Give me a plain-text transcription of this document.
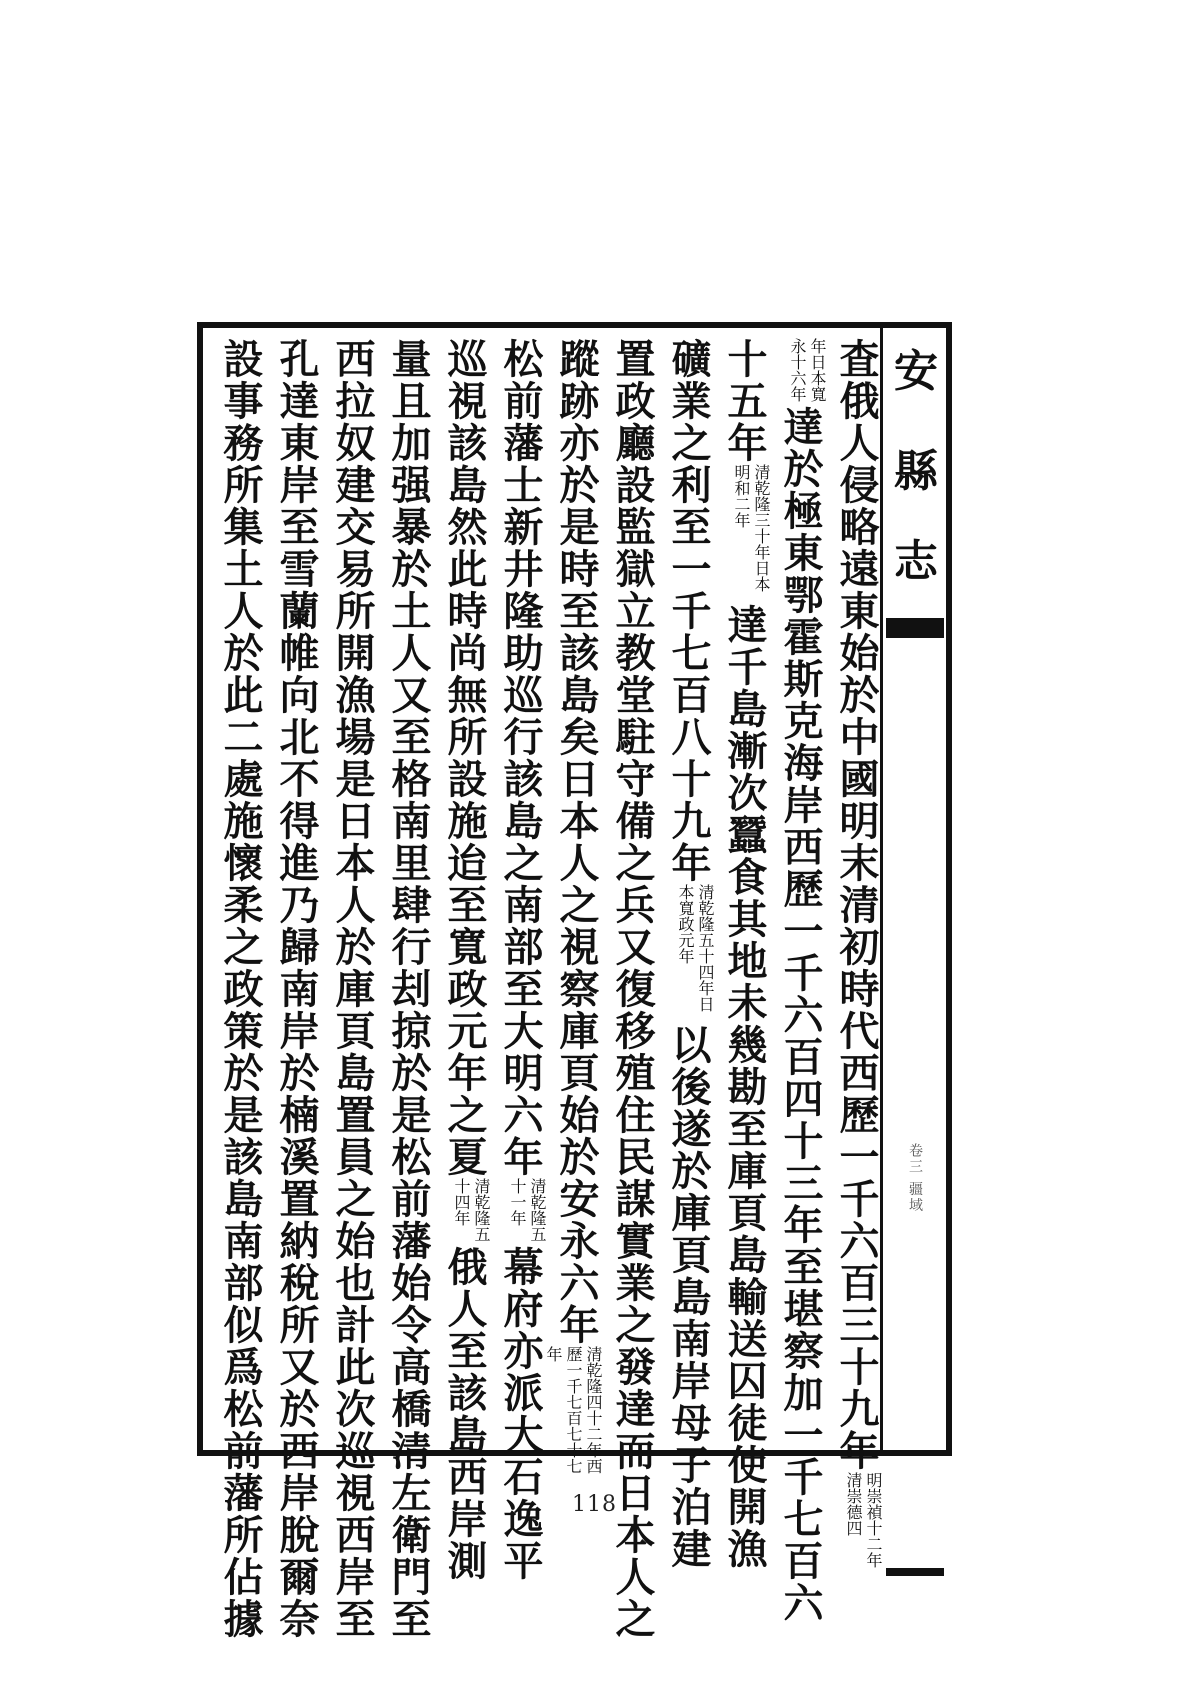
安
縣
志
卷三 疆域
査俄人侵略遠東始於中國明末清初時代西歷一千六百三十九年明崇禎十二年清崇德四
年日本寬永十六年達於極東鄂霍斯克海岸西歷一千六百四十三年至堪察加一千七百六
十五年清乾隆三十年日本明和二年達千島漸次蠶食其地未幾勘至庫頁島輸送囚徒使開漁
礦業之利至一千七百八十九年清乾隆五十四年日本寬政元年以後遂於庫頁島南岸母子泊建
置政廳設監獄立教堂駐守備之兵又復移殖住民謀實業之發達而日本人之
蹤跡亦於是時至該島矣日本人之視察庫頁始於安永六年清乾隆四十二年西歷一千七百七十七年
松前藩士新井隆助巡行該島之南部至大明六年清乾隆五十一年幕府亦派大石逸平
巡視該島然此時尚無所設施迨至寬政元年之夏清乾隆五十四年俄人至該島西岸測
量且加强暴於土人又至格南里肆行刦掠於是松前藩始令高橋清左衛門至
西拉奴建交易所開漁場是日本人於庫頁島置員之始也計此次巡視西岸至
孔達東岸至雪蘭帷向北不得進乃歸南岸於楠溪置納稅所又於西岸脫爾奈
設事務所集土人於此二處施懷柔之政策於是該島南部似爲松前藩所佔據	118
